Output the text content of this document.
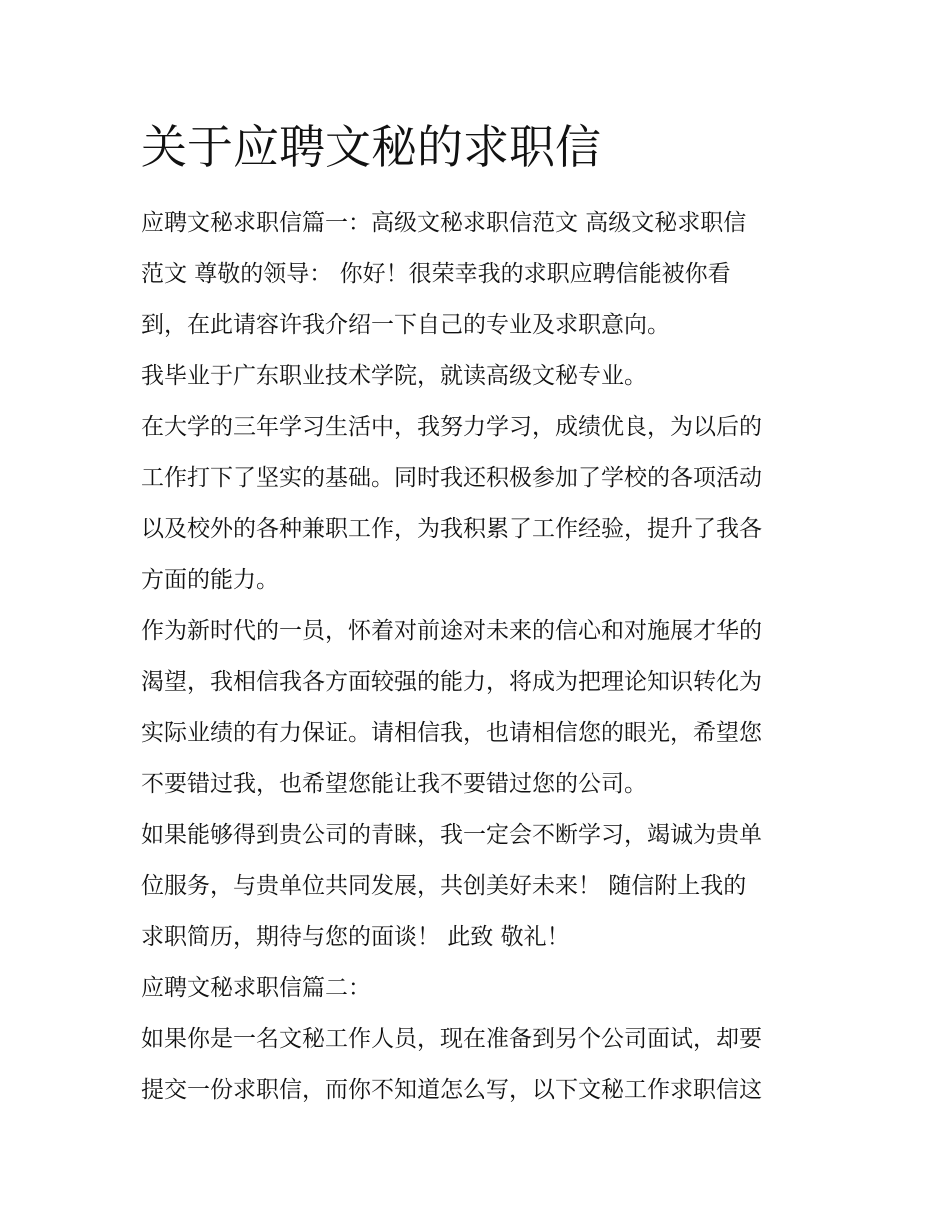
关于应聘文秘的求职信
应聘文秘求职信篇一：高级文秘求职信范文 高级文秘求职信
范文 尊敬的领导： 你好！很荣幸我的求职应聘信能被你看
到，在此请容许我介绍一下自己的专业及求职意向。
我毕业于广东职业技术学院，就读高级文秘专业。
在大学的三年学习生活中，我努力学习，成绩优良，为以后的
工作打下了坚实的基础。同时我还积极参加了学校的各项活动
以及校外的各种兼职工作，为我积累了工作经验，提升了我各
方面的能力。
作为新时代的一员，怀着对前途对未来的信心和对施展才华的
渴望，我相信我各方面较强的能力，将成为把理论知识转化为
实际业绩的有力保证。请相信我，也请相信您的眼光，希望您
不要错过我，也希望您能让我不要错过您的公司。
如果能够得到贵公司的青睐，我一定会不断学习，竭诚为贵单
位服务，与贵单位共同发展，共创美好未来！ 随信附上我的
求职简历，期待与您的面谈！ 此致 敬礼！
应聘文秘求职信篇二：
如果你是一名文秘工作人员，现在准备到另个公司面试，却要
提交一份求职信，而你不知道怎么写，以下文秘工作求职信这
